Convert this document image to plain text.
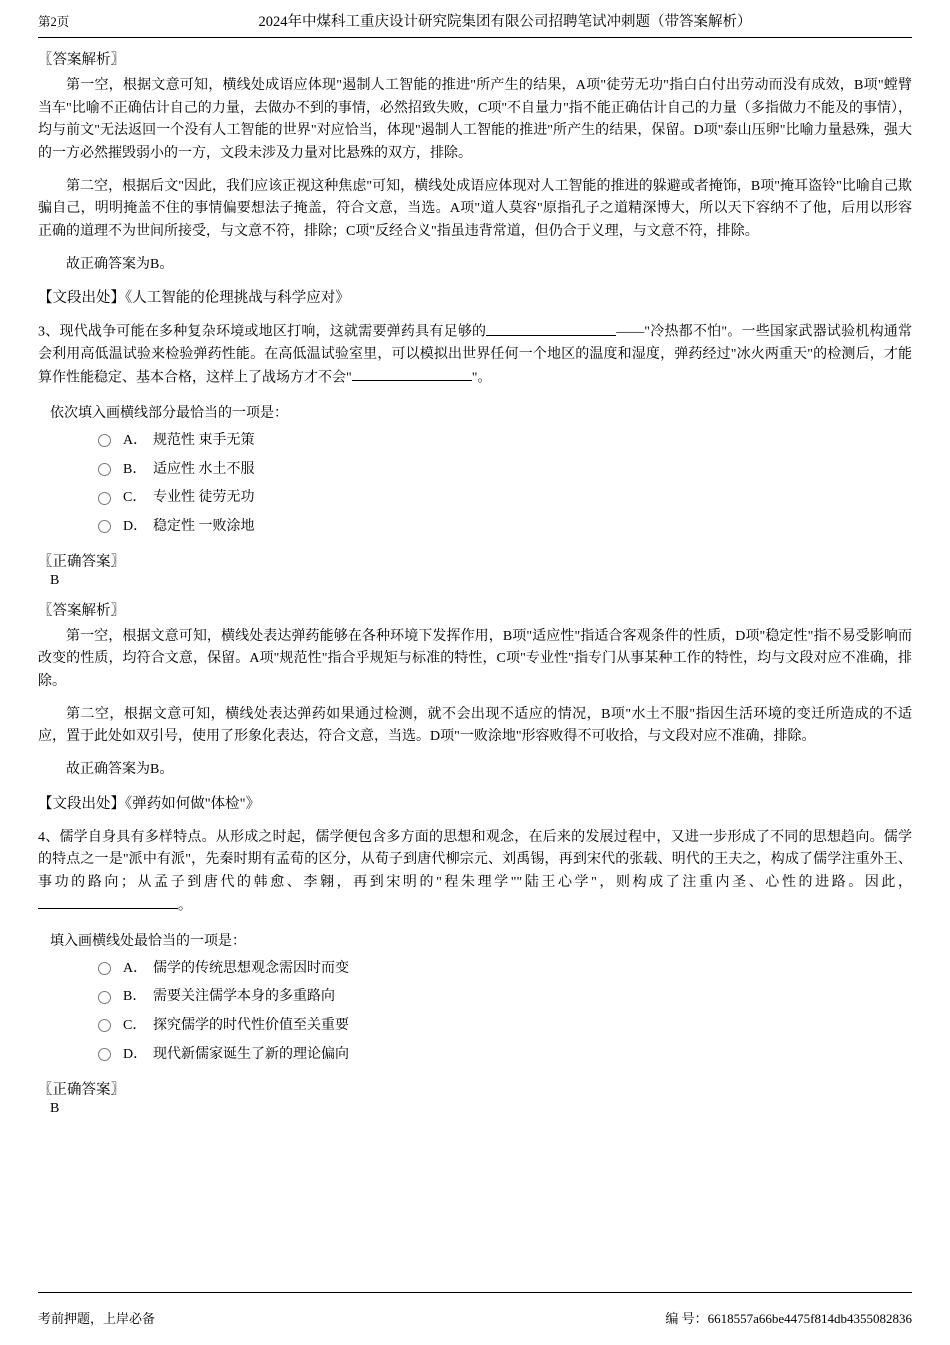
第2页	2024年中煤科工重庆设计研究院集团有限公司招聘笔试冲刺题（带答案解析）
〖答案解析〗

第一空，根据文意可知，横线处成语应体现"遏制人工智能的推进"所产生的结果，A项"徒劳无功"指白白付出劳动而没有成效，B项"螳臂当车"比喻不正确估计自己的力量，去做办不到的事情，必然招致失败，C项"不自量力"指不能正确估计自己的力量（多指做力不能及的事情），均与前文"无法返回一个没有人工智能的世界"对应恰当，体现"遏制人工智能的推进"所产生的结果，保留。D项"泰山压卵"比喻力量悬殊，强大的一方必然摧毁弱小的一方，文段未涉及力量对比悬殊的双方，排除。

第二空，根据后文"因此，我们应该正视这种焦虑"可知，横线处成语应体现对人工智能的推进的躲避或者掩饰，B项"掩耳盗铃"比喻自己欺骗自己，明明掩盖不住的事情偏要想法子掩盖，符合文意，当选。A项"道人莫容"原指孔子之道精深博大，所以天下容纳不了他，后用以形容正确的道理不为世间所接受，与文意不符，排除；C项"反经合义"指虽违背常道，但仍合于义理，与文意不符，排除。

故正确答案为B。

【文段出处】《人工智能的伦理挑战与科学应对》
3、现代战争可能在多种复杂环境或地区打响，这就需要弹药具有足够的	——"冷热都不怕"。一些国家武器试验机构通常会利用高低温试验来检验弹药性能。在高低温试验室里，可以模拟出世界任何一个地区的温度和湿度，弹药经过"冰火两重天"的检测后，才能算作性能稳定、基本合格，这样上了战场方才不会"	"。
依次填入画横线部分最恰当的一项是：
A． 规范性 束手无策
B． 适应性 水土不服
C． 专业性 徒劳无功
D． 稳定性 一败涂地
〖正确答案〗
B
〖答案解析〗

第一空，根据文意可知，横线处表达弹药能够在各种环境下发挥作用，B项"适应性"指适合客观条件的性质，D项"稳定性"指不易受影响而改变的性质，均符合文意，保留。A项"规范性"指合乎规矩与标准的特性，C项"专业性"指专门从事某种工作的特性，均与文段对应不准确，排除。

第二空，根据文意可知，横线处表达弹药如果通过检测，就不会出现不适应的情况，B项"水土不服"指因生活环境的变迁所造成的不适应，置于此处如双引号，使用了形象化表达，符合文意，当选。D项"一败涂地"形容败得不可收拾，与文段对应不准确，排除。

故正确答案为B。

【文段出处】《弹药如何做"体检"》
4、儒学自身具有多样特点。从形成之时起，儒学便包含多方面的思想和观念，在后来的发展过程中，又进一步形成了不同的思想趋向。儒学的特点之一是"派中有派"，先秦时期有孟荀的区分，从荀子到唐代柳宗元、刘禹锡，再到宋代的张载、明代的王夫之，构成了儒学注重外王、事功的路向；从孟子到唐代的韩愈、李翱，再到宋明的"程朱理学""陆王心学"，则构成了注重内圣、心性的进路。因此，。
填入画横线处最恰当的一项是：
A． 儒学的传统思想观念需因时而变
B． 需要关注儒学本身的多重路向
C． 探究儒学的时代性价值至关重要
D． 现代新儒家诞生了新的理论偏向
〖正确答案〗
B
考前押题，上岸必备	编 号：6618557a66be4475f814db4355082836
